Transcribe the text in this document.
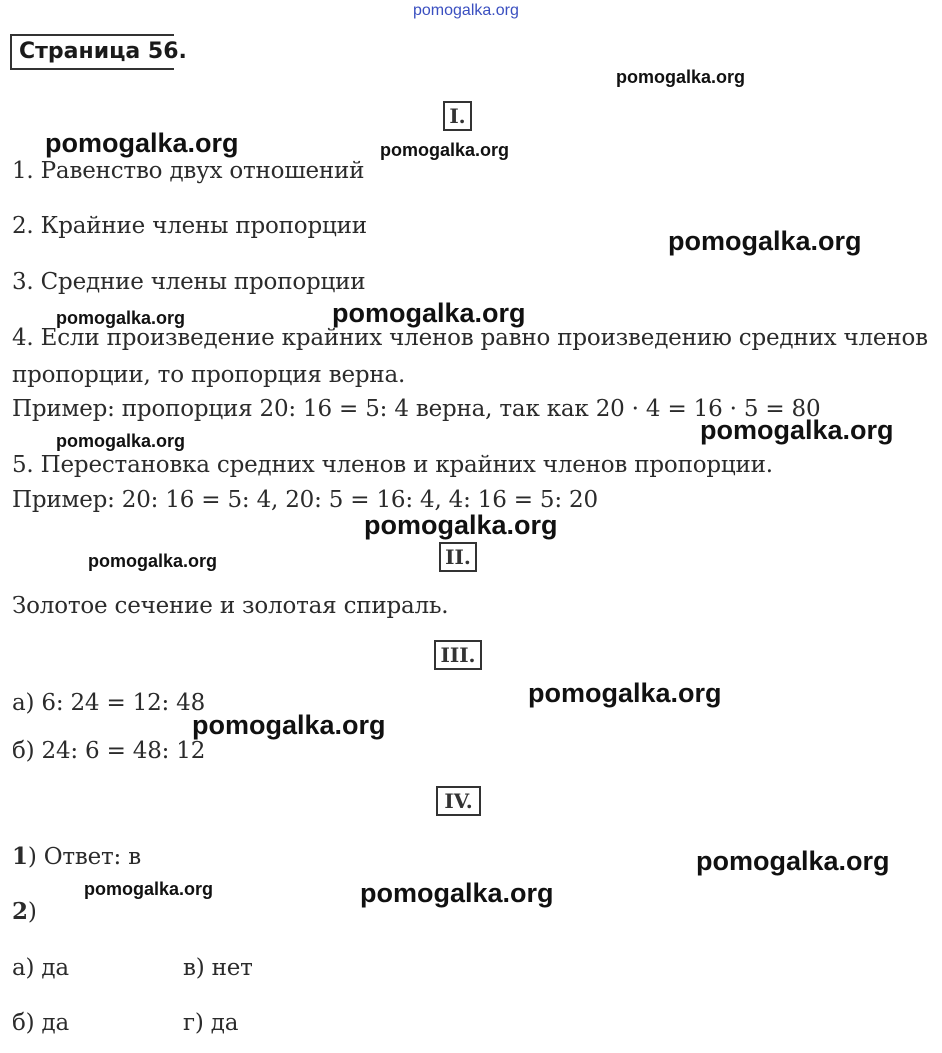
Страница 56.
I.
1. Равенство двух отношений
2. Крайние члены пропорции
3. Средние члены пропорции
4. Если произведение крайних членов равно произведению средних членов
пропорции, то пропорция верна.
Пример: пропорция 20: 16 = 5: 4 верна, так как 20 · 4 = 16 · 5 = 80
5. Перестановка средних членов и крайних членов пропорции.
Пример: 20: 16 = 5: 4, 20: 5 = 16: 4, 4: 16 = 5: 20
II.
Золотое сечение и золотая спираль.
III.
а) 6: 24 = 12: 48
б) 24: 6 = 48: 12
IV.
1) Ответ: в
2)
а) да	в) нет
б) да	г) да
pomogalka.org
pomogalka.org
pomogalka.org	pomogalka.org
pomogalka.org
pomogalka.org
pomogalka.org
pomogalka.org
pomogalka.org
pomogalka.org
pomogalka.org
pomogalka.org
pomogalka.org
pomogalka.org
pomogalka.org	pomogalka.org
